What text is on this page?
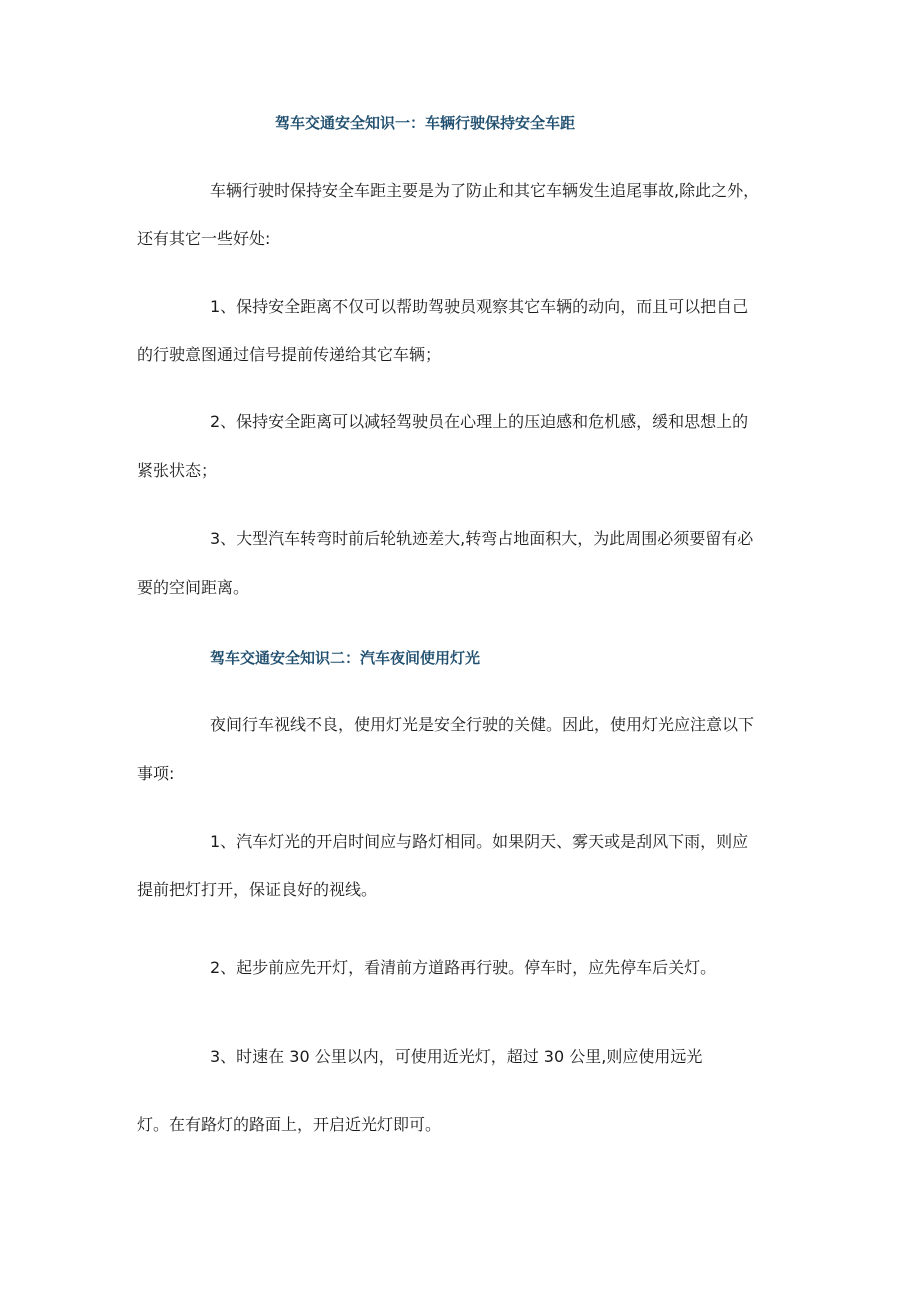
驾车交通安全知识一：车辆行驶保持安全车距

车辆行驶时保持安全车距主要是为了防止和其它车辆发生追尾事故,除此之外，

还有其它一些好处:

1、保持安全距离不仅可以帮助驾驶员观察其它车辆的动向，而且可以把自己

的行驶意图通过信号提前传递给其它车辆；

2、保持安全距离可以减轻驾驶员在心理上的压迫感和危机感，缓和思想上的

紧张状态；

3、大型汽车转弯时前后轮轨迹差大,转弯占地面积大，为此周围必须要留有必

要的空间距离。

驾车交通安全知识二：汽车夜间使用灯光

夜间行车视线不良，使用灯光是安全行驶的关健。因此，使用灯光应注意以下

事项:

1、汽车灯光的开启时间应与路灯相同。如果阴天、雾天或是刮风下雨，则应

提前把灯打开，保证良好的视线。

2、起步前应先开灯，看清前方道路再行驶。停车时，应先停车后关灯。

3、时速在 30 公里以内，可使用近光灯，超过 30 公里,则应使用远光

灯。在有路灯的路面上，开启近光灯即可。
